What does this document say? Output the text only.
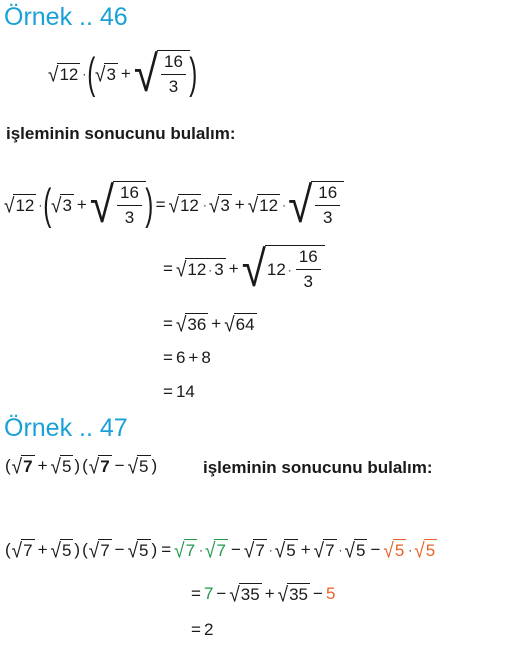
Örnek .. 46
√ 12 · ( √ 3 + √ $\frac{16}{3}$ )
işleminin sonucunu bulalım:
√ 12 · ( √ 3 + √ $\frac{16}{3}$ ) = √ 12 · √ 3 + √ 12 · √ $\frac{16}{3}$
= √ 12 · 3 + √ $12 \cdot \frac{16}{3}$
= √ 36 + √ 64
= 6 + 8
= 14
Örnek .. 47
( √ 7 + √ 5 ) ( √ 7 − √ 5 )	işleminin sonucunu bulalım:
( √ 7 + √ 5 ) ( √ 7 − √ 5 ) = √ 7 · √ 7 − √ 7 · √ 5 + √ 7 · √ 5 − √ 5 · √ 5
= 7 − √ 35 + √ 35 − 5
= 2
